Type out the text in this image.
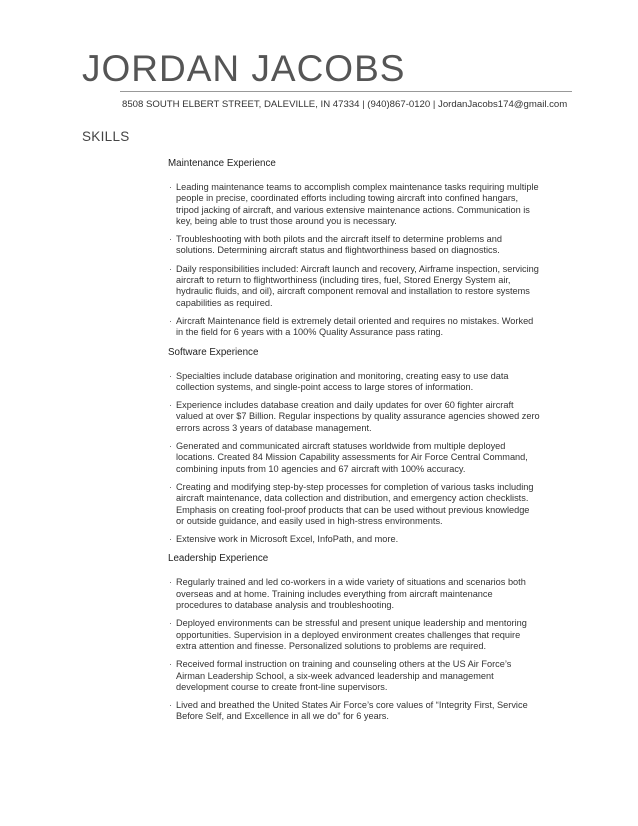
JORDAN JACOBS
8508 SOUTH ELBERT STREET, DALEVILLE, IN 47334 | (940)867-0120 | JordanJacobs174@gmail.com
SKILLS

Maintenance Experience

· Leading maintenance teams to accomplish complex maintenance tasks requiring multiple people in precise, coordinated efforts including towing aircraft into confined hangars, tripod jacking of aircraft, and various extensive maintenance actions. Communication is key, being able to trust those around you is necessary.
· Troubleshooting with both pilots and the aircraft itself to determine problems and solutions. Determining aircraft status and flightworthiness based on diagnostics.
· Daily responsibilities included: Aircraft launch and recovery, Airframe inspection, servicing aircraft to return to flightworthiness (including tires, fuel, Stored Energy System air, hydraulic fluids, and oil), aircraft component removal and installation to restore systems capabilities as required.
· Aircraft Maintenance field is extremely detail oriented and requires no mistakes. Worked in the field for 6 years with a 100% Quality Assurance pass rating.

Software Experience

· Specialties include database origination and monitoring, creating easy to use data collection systems, and single-point access to large stores of information.
· Experience includes database creation and daily updates for over 60 fighter aircraft valued at over $7 Billion. Regular inspections by quality assurance agencies showed zero errors across 3 years of database management.
· Generated and communicated aircraft statuses worldwide from multiple deployed locations. Created 84 Mission Capability assessments for Air Force Central Command, combining inputs from 10 agencies and 67 aircraft with 100% accuracy.
· Creating and modifying step-by-step processes for completion of various tasks including aircraft maintenance, data collection and distribution, and emergency action checklists. Emphasis on creating fool-proof products that can be used without previous knowledge or outside guidance, and easily used in high-stress environments.
· Extensive work in Microsoft Excel, InfoPath, and more.

Leadership Experience

· Regularly trained and led co-workers in a wide variety of situations and scenarios both overseas and at home. Training includes everything from aircraft maintenance procedures to database analysis and troubleshooting.
· Deployed environments can be stressful and present unique leadership and mentoring opportunities. Supervision in a deployed environment creates challenges that require extra attention and finesse. Personalized solutions to problems are required.
· Received formal instruction on training and counseling others at the US Air Force’s Airman Leadership School, a six-week advanced leadership and management development course to create front-line supervisors.
· Lived and breathed the United States Air Force’s core values of “Integrity First, Service Before Self, and Excellence in all we do” for 6 years.
